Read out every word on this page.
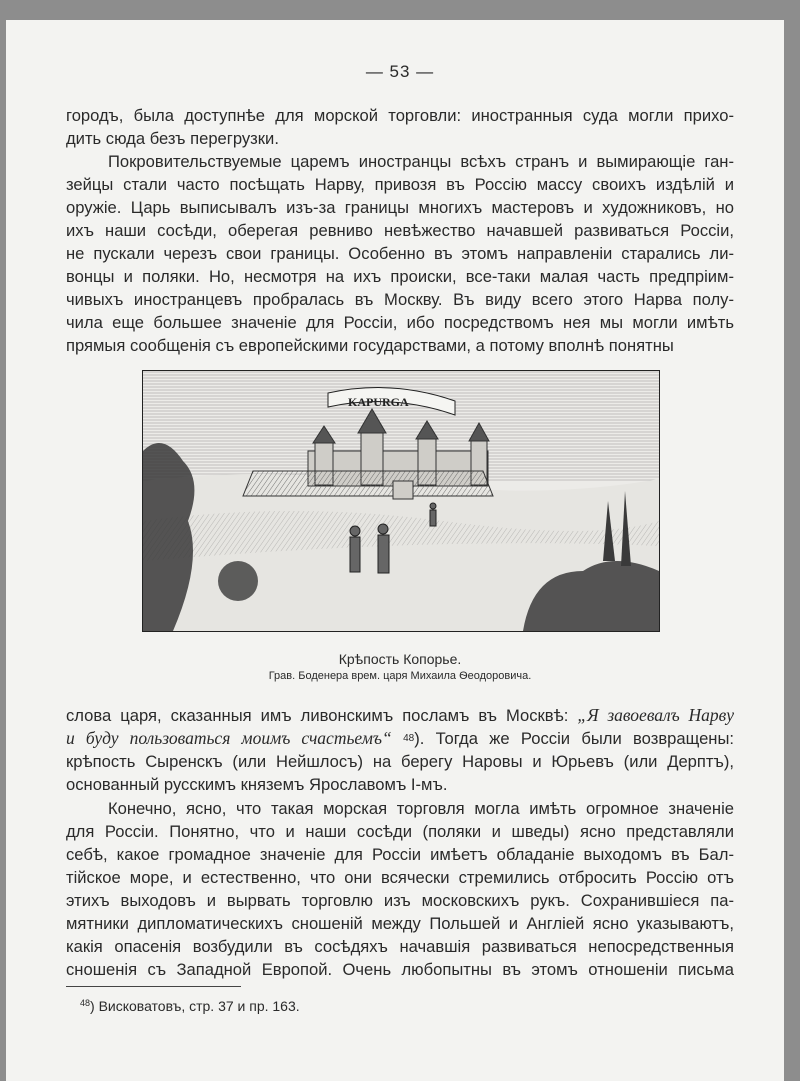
— 53 —
городъ, была доступнѣе для морской торговли: иностранныя суда могли прихо-
дить сюда безъ перегрузки.
Покровительствуемые царемъ иностранцы всѣхъ странъ и вымирающіе ган-
зейцы стали часто посѣщать Нарву, привозя въ Россію массу своихъ издѣлій и
оружіе. Царь выписывалъ изъ-за границы многихъ мастеровъ и художниковъ, но
ихъ наши сосѣди, оберегая ревниво невѣжество начавшей развиваться Россіи,
не пускали черезъ свои границы. Особенно въ этомъ направленіи старались ли-
вонцы и поляки. Но, несмотря на ихъ происки, все-таки малая часть предпріим-
чивыхъ иностранцевъ пробралась въ Москву. Въ виду всего этого Нарва полу-
чила еще большее значеніе для Россіи, ибо посредствомъ нея мы могли имѣть
прямыя сообщенія съ европейскими государствами, а потому вполнѣ понятны
KAPURGA
Крѣпость Копорье.
Грав. Боденера врем. царя Михаила Ѳеодоровича.
слова царя, сказанныя имъ ливонскимъ посламъ въ Москвѣ: „Я завоевалъ Нарву
и буду пользоваться моимъ счастьемъ“ $^{48}$). Тогда же Россіи были возвращены:
крѣпость Сыренскъ (или Нейшлосъ) на берегу Наровы и Юрьевъ (или Дерптъ),
основанный русскимъ княземъ Ярославомъ I-мъ.
Конечно, ясно, что такая морская торговля могла имѣть огромное значеніе
для Россіи. Понятно, что и наши сосѣди (поляки и шведы) ясно представляли
себѣ, какое громадное значеніе для Россіи имѣетъ обладаніе выходомъ въ Бал-
тійское море, и естественно, что они всячески стремились отбросить Россію отъ
этихъ выходовъ и вырвать торговлю изъ московскихъ рукъ. Сохранившіеся па-
мятники дипломатическихъ сношеній между Польшей и Англіей ясно указываютъ,
какія опасенія возбудили въ сосѣдяхъ начавшія развиваться непосредственныя
сношенія съ Западной Европой. Очень любопытны въ этомъ отношеніи письма
$^{48}$) Висковатовъ, стр. 37 и пр. 163.
